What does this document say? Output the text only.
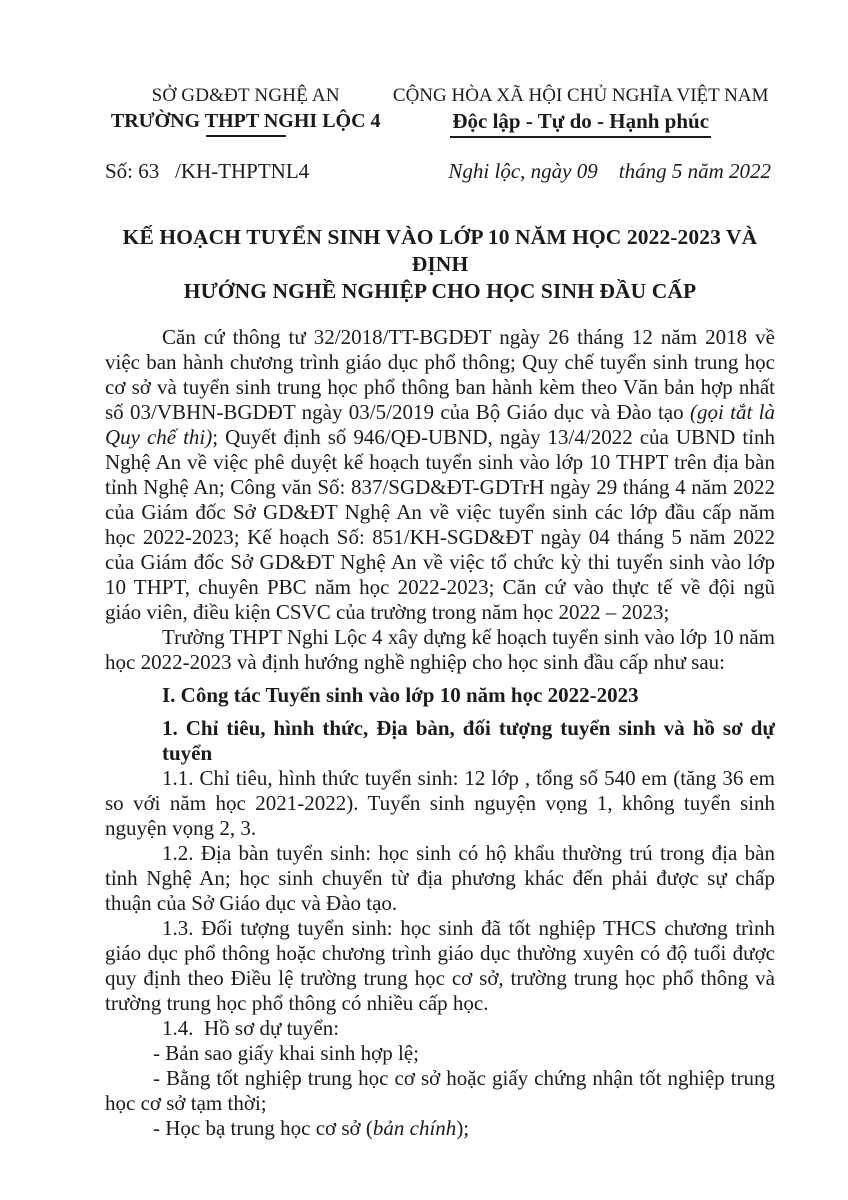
SỞ GD&ĐT NGHỆ AN
TRƯỜNG THPT NGHI LỘC 4
CỘNG HÒA XÃ HỘI CHỦ NGHĨA VIỆT NAM
Độc lập - Tự do - Hạnh phúc
Số: 63   /KH-THPTNL4	Nghi lộc, ngày 09    tháng 5 năm 2022
KẾ HOẠCH TUYỂN SINH VÀO LỚP 10 NĂM HỌC 2022-2023 VÀ ĐỊNH
HƯỚNG NGHỀ NGHIỆP CHO HỌC SINH ĐẦU CẤP

Căn cứ thông tư 32/2018/TT-BGDĐT ngày 26 tháng 12 năm 2018 về việc ban hành chương trình giáo dục phổ thông; Quy chế tuyển sinh trung học cơ sở và tuyển sinh trung học phổ thông ban hành kèm theo Văn bản hợp nhất số 03/VBHN-BGDĐT ngày 03/5/2019 của Bộ Giáo dục và Đào tạo (gọi tắt là Quy chế thi); Quyết định số 946/QĐ-UBND, ngày 13/4/2022 của UBND tỉnh Nghệ An về việc phê duyệt kế hoạch tuyển sinh vào lớp 10 THPT trên địa bàn tỉnh Nghệ An; Công văn Số: 837/SGD&ĐT-GDTrH ngày 29 tháng 4 năm 2022 của Giám đốc Sở GD&ĐT Nghệ An về việc tuyển sinh các lớp đầu cấp năm học 2022-2023; Kế hoạch Số: 851/KH-SGD&ĐT ngày 04 tháng 5 năm 2022 của Giám đốc Sở GD&ĐT Nghệ An về việc tổ chức kỳ thi tuyển sinh vào lớp 10 THPT, chuyên PBC năm học 2022-2023; Căn cứ vào thực tế về đội ngũ giáo viên, điều kiện CSVC của trường trong năm học 2022 – 2023;

Trường THPT Nghi Lộc 4 xây dựng kế hoạch tuyển sinh vào lớp 10 năm học 2022-2023 và định hướng nghề nghiệp cho học sinh đầu cấp như sau:

I. Công tác Tuyển sinh vào lớp 10 năm học 2022-2023

1. Chỉ tiêu, hình thức, Địa bàn, đối tượng tuyển sinh và hồ sơ dự tuyển

1.1. Chỉ tiêu, hình thức tuyển sinh: 12 lớp , tổng số 540 em (tăng 36 em so với năm học 2021-2022). Tuyển sinh nguyện vọng 1, không tuyển sinh nguyện vọng 2, 3.

1.2. Địa bàn tuyển sinh: học sinh có hộ khẩu thường trú trong địa bàn tỉnh Nghệ An; học sinh chuyển từ địa phương khác đến phải được sự chấp thuận của Sở Giáo dục và Đào tạo.

1.3. Đối tượng tuyển sinh: học sinh đã tốt nghiệp THCS chương trình giáo dục phổ thông hoặc chương trình giáo dục thường xuyên có độ tuổi được quy định theo Điều lệ trường trung học cơ sở, trường trung học phổ thông và trường trung học phổ thông có nhiều cấp học.

1.4.  Hồ sơ dự tuyển:

- Bản sao giấy khai sinh hợp lệ;

- Bằng tốt nghiệp trung học cơ sở hoặc giấy chứng nhận tốt nghiệp trung học cơ sở tạm thời;

- Học bạ trung học cơ sở (bản chính);
